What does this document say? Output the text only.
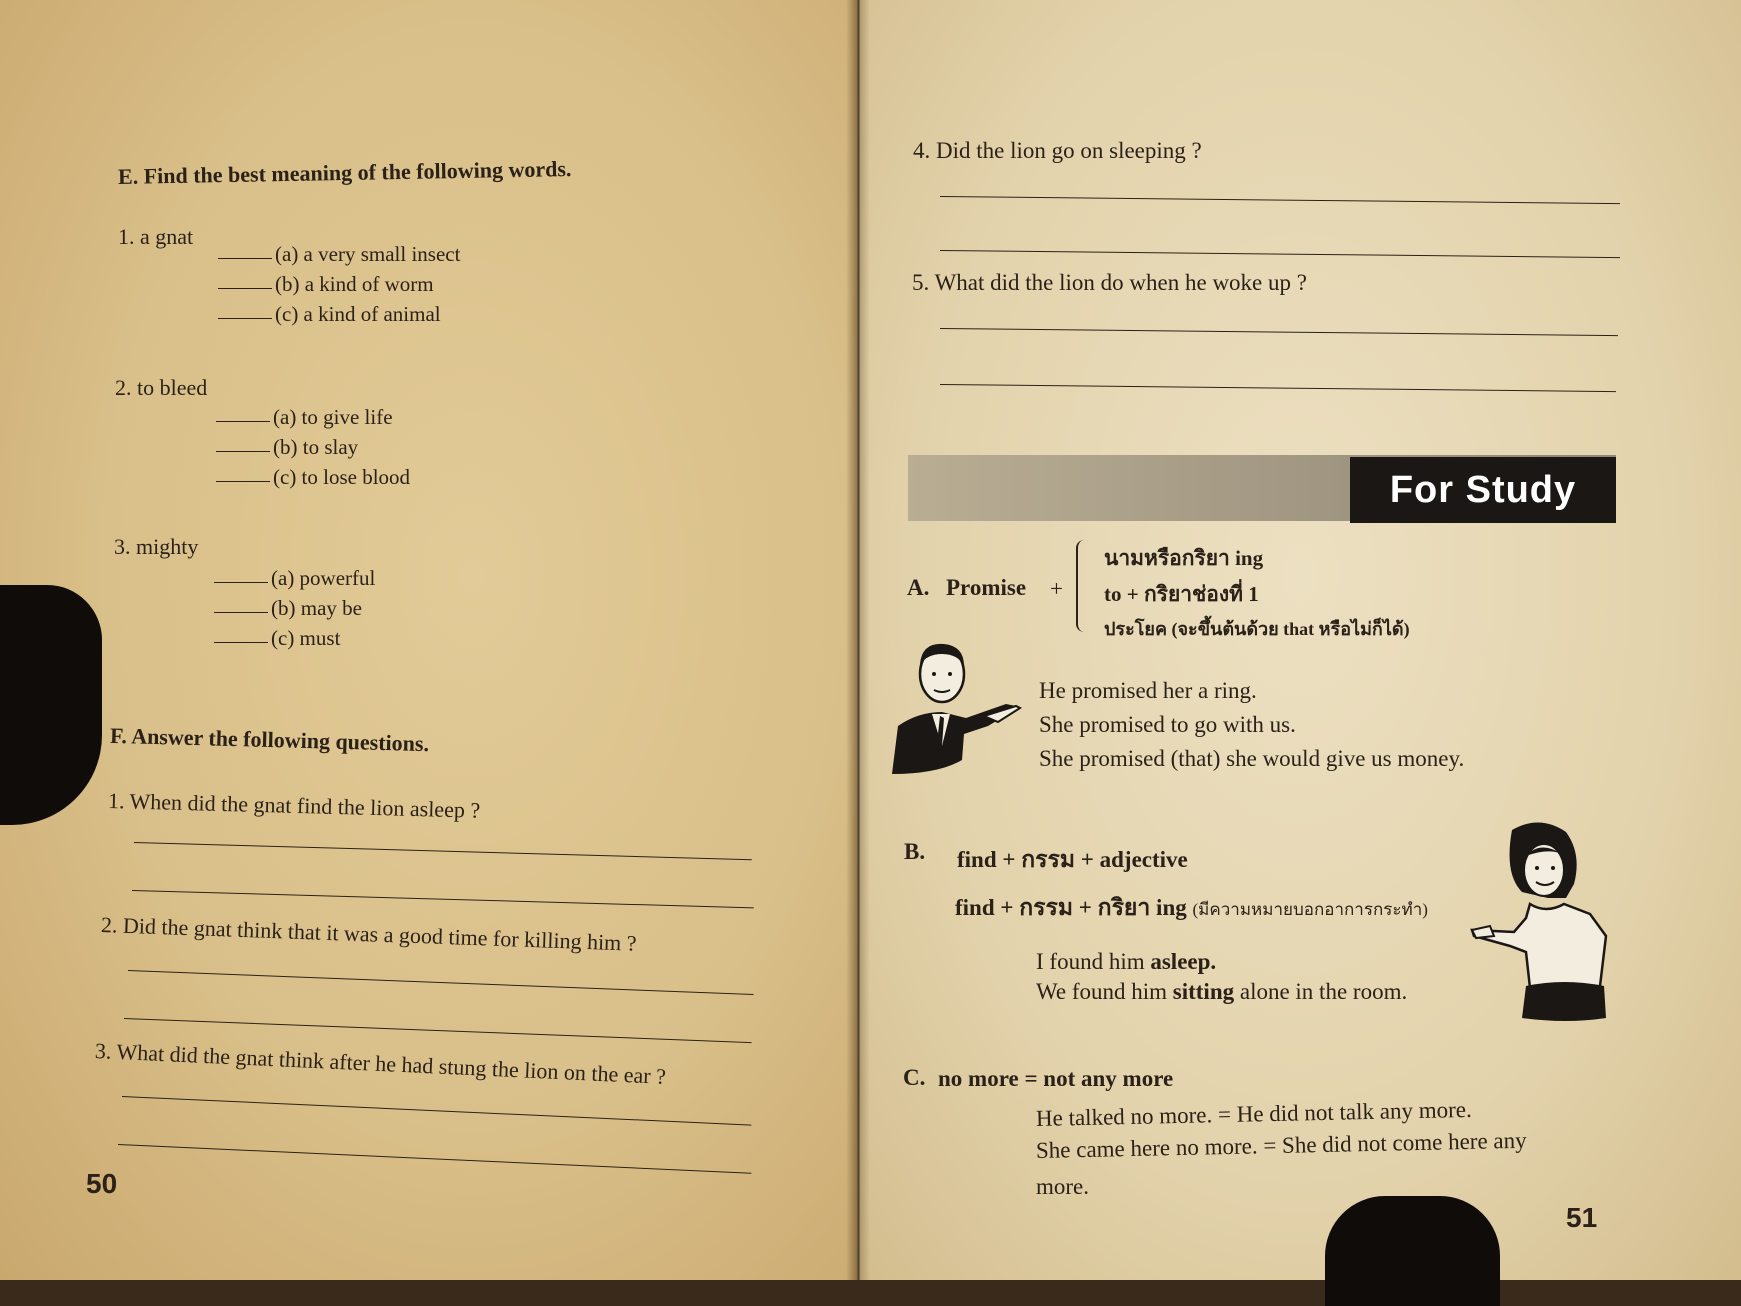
E. Find the best meaning of the following words.
1. a gnat
(a) a very small insect
(b) a kind of worm
(c) a kind of animal
2. to bleed
(a) to give life
(b) to slay
(c) to lose blood
3. mighty
(a) powerful
(b) may be
(c) must
F. Answer the following questions.
1. When did the gnat find the lion asleep ?
2. Did the gnat think that it was a good time for killing him ?
3. What did the gnat think after he had stung the lion on the ear ?
50
4. Did the lion go on sleeping ?
5. What did the lion do when he woke up ?
For Study
A. Promise +
นามหรือกริยา ing
to + กริยาช่องที่ 1
ประโยค (จะขึ้นต้นด้วย that หรือไม่ก็ได้)
He promised her a ring.
She promised to go with us.
She promised (that) she would give us money.
B. find + กรรม + adjective
find + กรรม + กริยา ing (มีความหมายบอกอาการกระทำ)
I found him asleep.
We found him sitting alone in the room.
C. no more = not any more
He talked no more. = He did not talk any more.
She came here no more. = She did not come here any
more.
51
